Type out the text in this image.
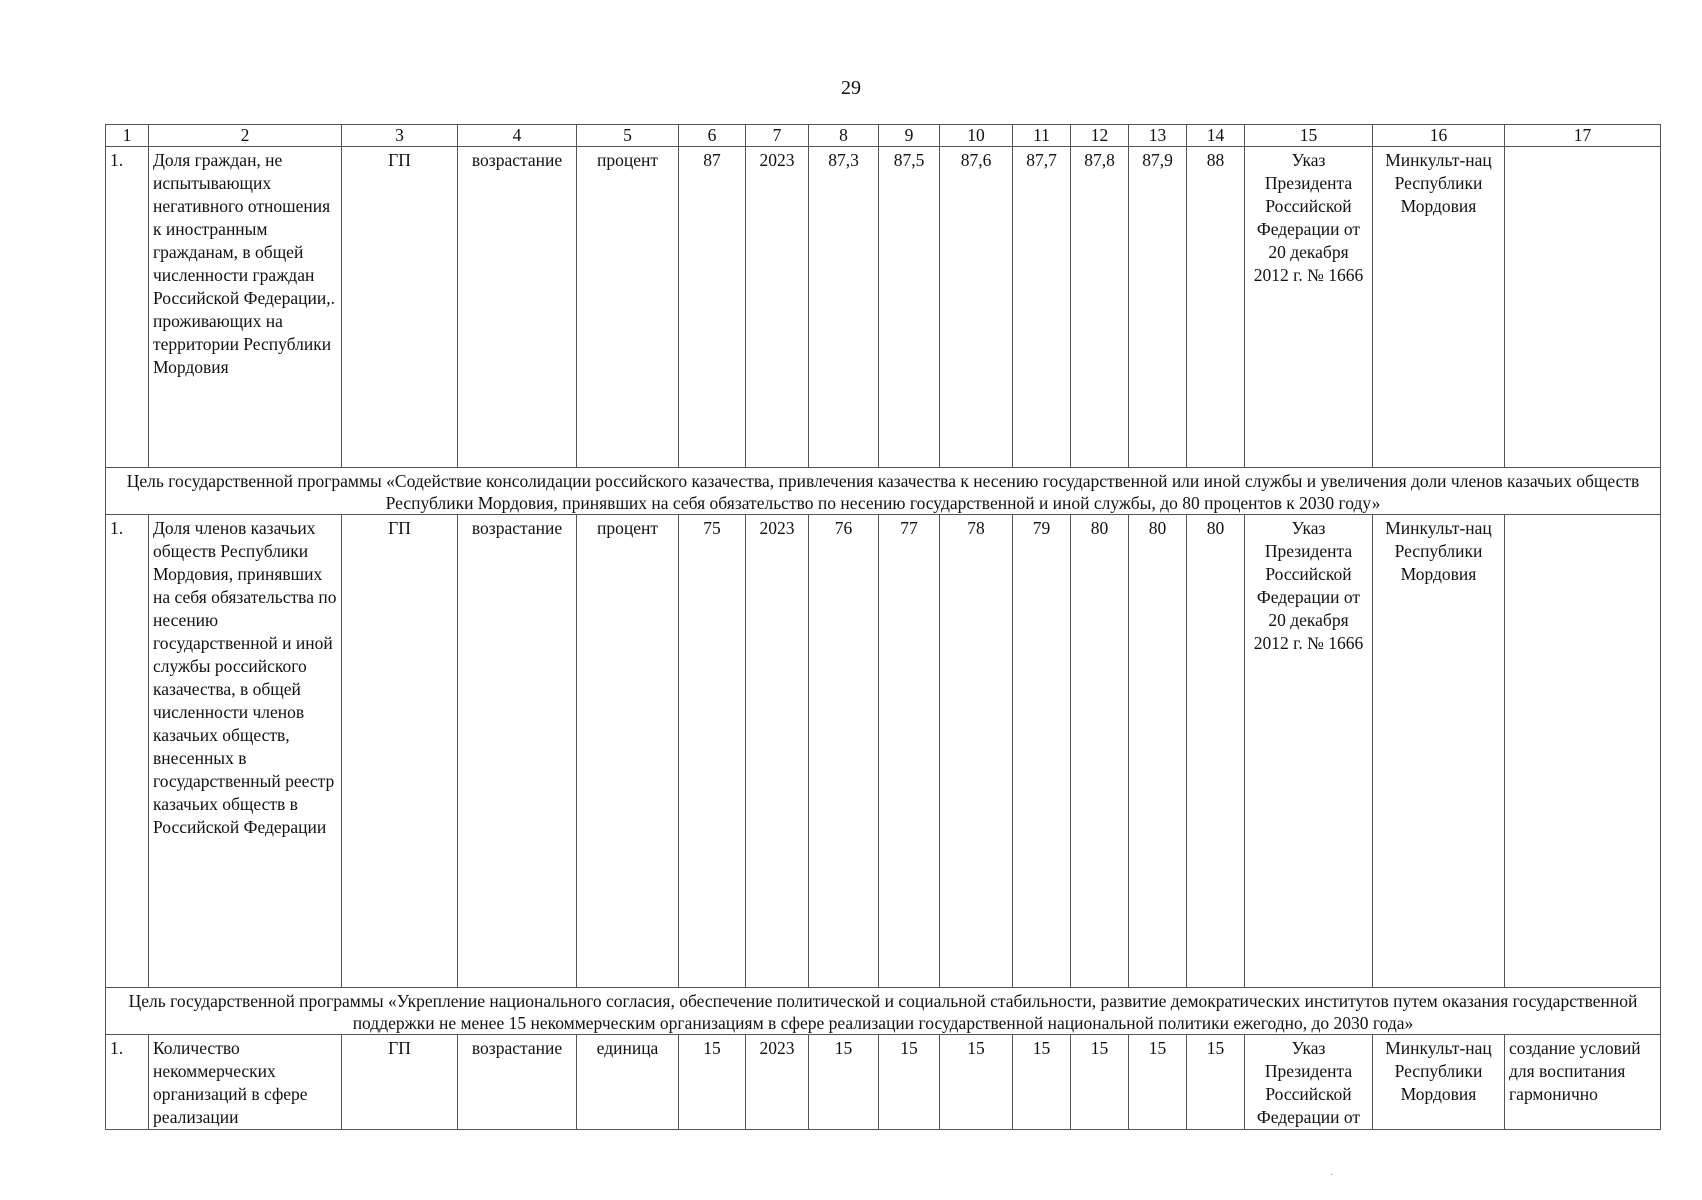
29
1	2	3	4	5	6	7	8	9	10	11	12	13	14	15	16	17
1.	Доля граждан, не испытывающих негативного отношения к иностранным гражданам, в общей численности граждан Российской Федерации,. проживающих на территории Республики Мордовия	ГП	возрастание	процент	87	2023	87,3	87,5	87,6	87,7	87,8	87,9	88	Указ Президента Российской Федерации от 20 декабря 2012 г. № 1666	Минкульт-нац Республики Мордовия	
Цель государственной программы «Содействие консолидации российского казачества, привлечения казачества к несению государственной или иной службы и увеличения доли членов казачьих обществ Республики Мордовия, принявших на себя обязательство по несению государственной и иной службы, до 80 процентов к 2030 году»																
1.	Доля членов казачьих обществ Республики Мордовия, принявших на себя обязательства по несению государственной и иной службы российского казачества, в общей численности членов казачьих обществ, внесенных в государственный реестр казачьих обществ в Российской Федерации	ГП	возрастание	процент	75	2023	76	77	78	79	80	80	80	Указ Президента Российской Федерации от 20 декабря 2012 г. № 1666	Минкульт-нац Республики Мордовия	
Цель государственной программы «Укрепление национального согласия, обеспечение политической и социальной стабильности, развитие демократических институтов путем оказания государственной поддержки не менее 15 некоммерческим организациям в сфере реализации государственной национальной политики ежегодно, до 2030 года»																
1.	Количество некоммерческих организаций в сфере реализации	ГП	возрастание	единица	15	2023	15	15	15	15	15	15	15	Указ Президента Российской Федерации от	Минкульт-нац Республики Мордовия	создание условий для воспитания гармонично
·
